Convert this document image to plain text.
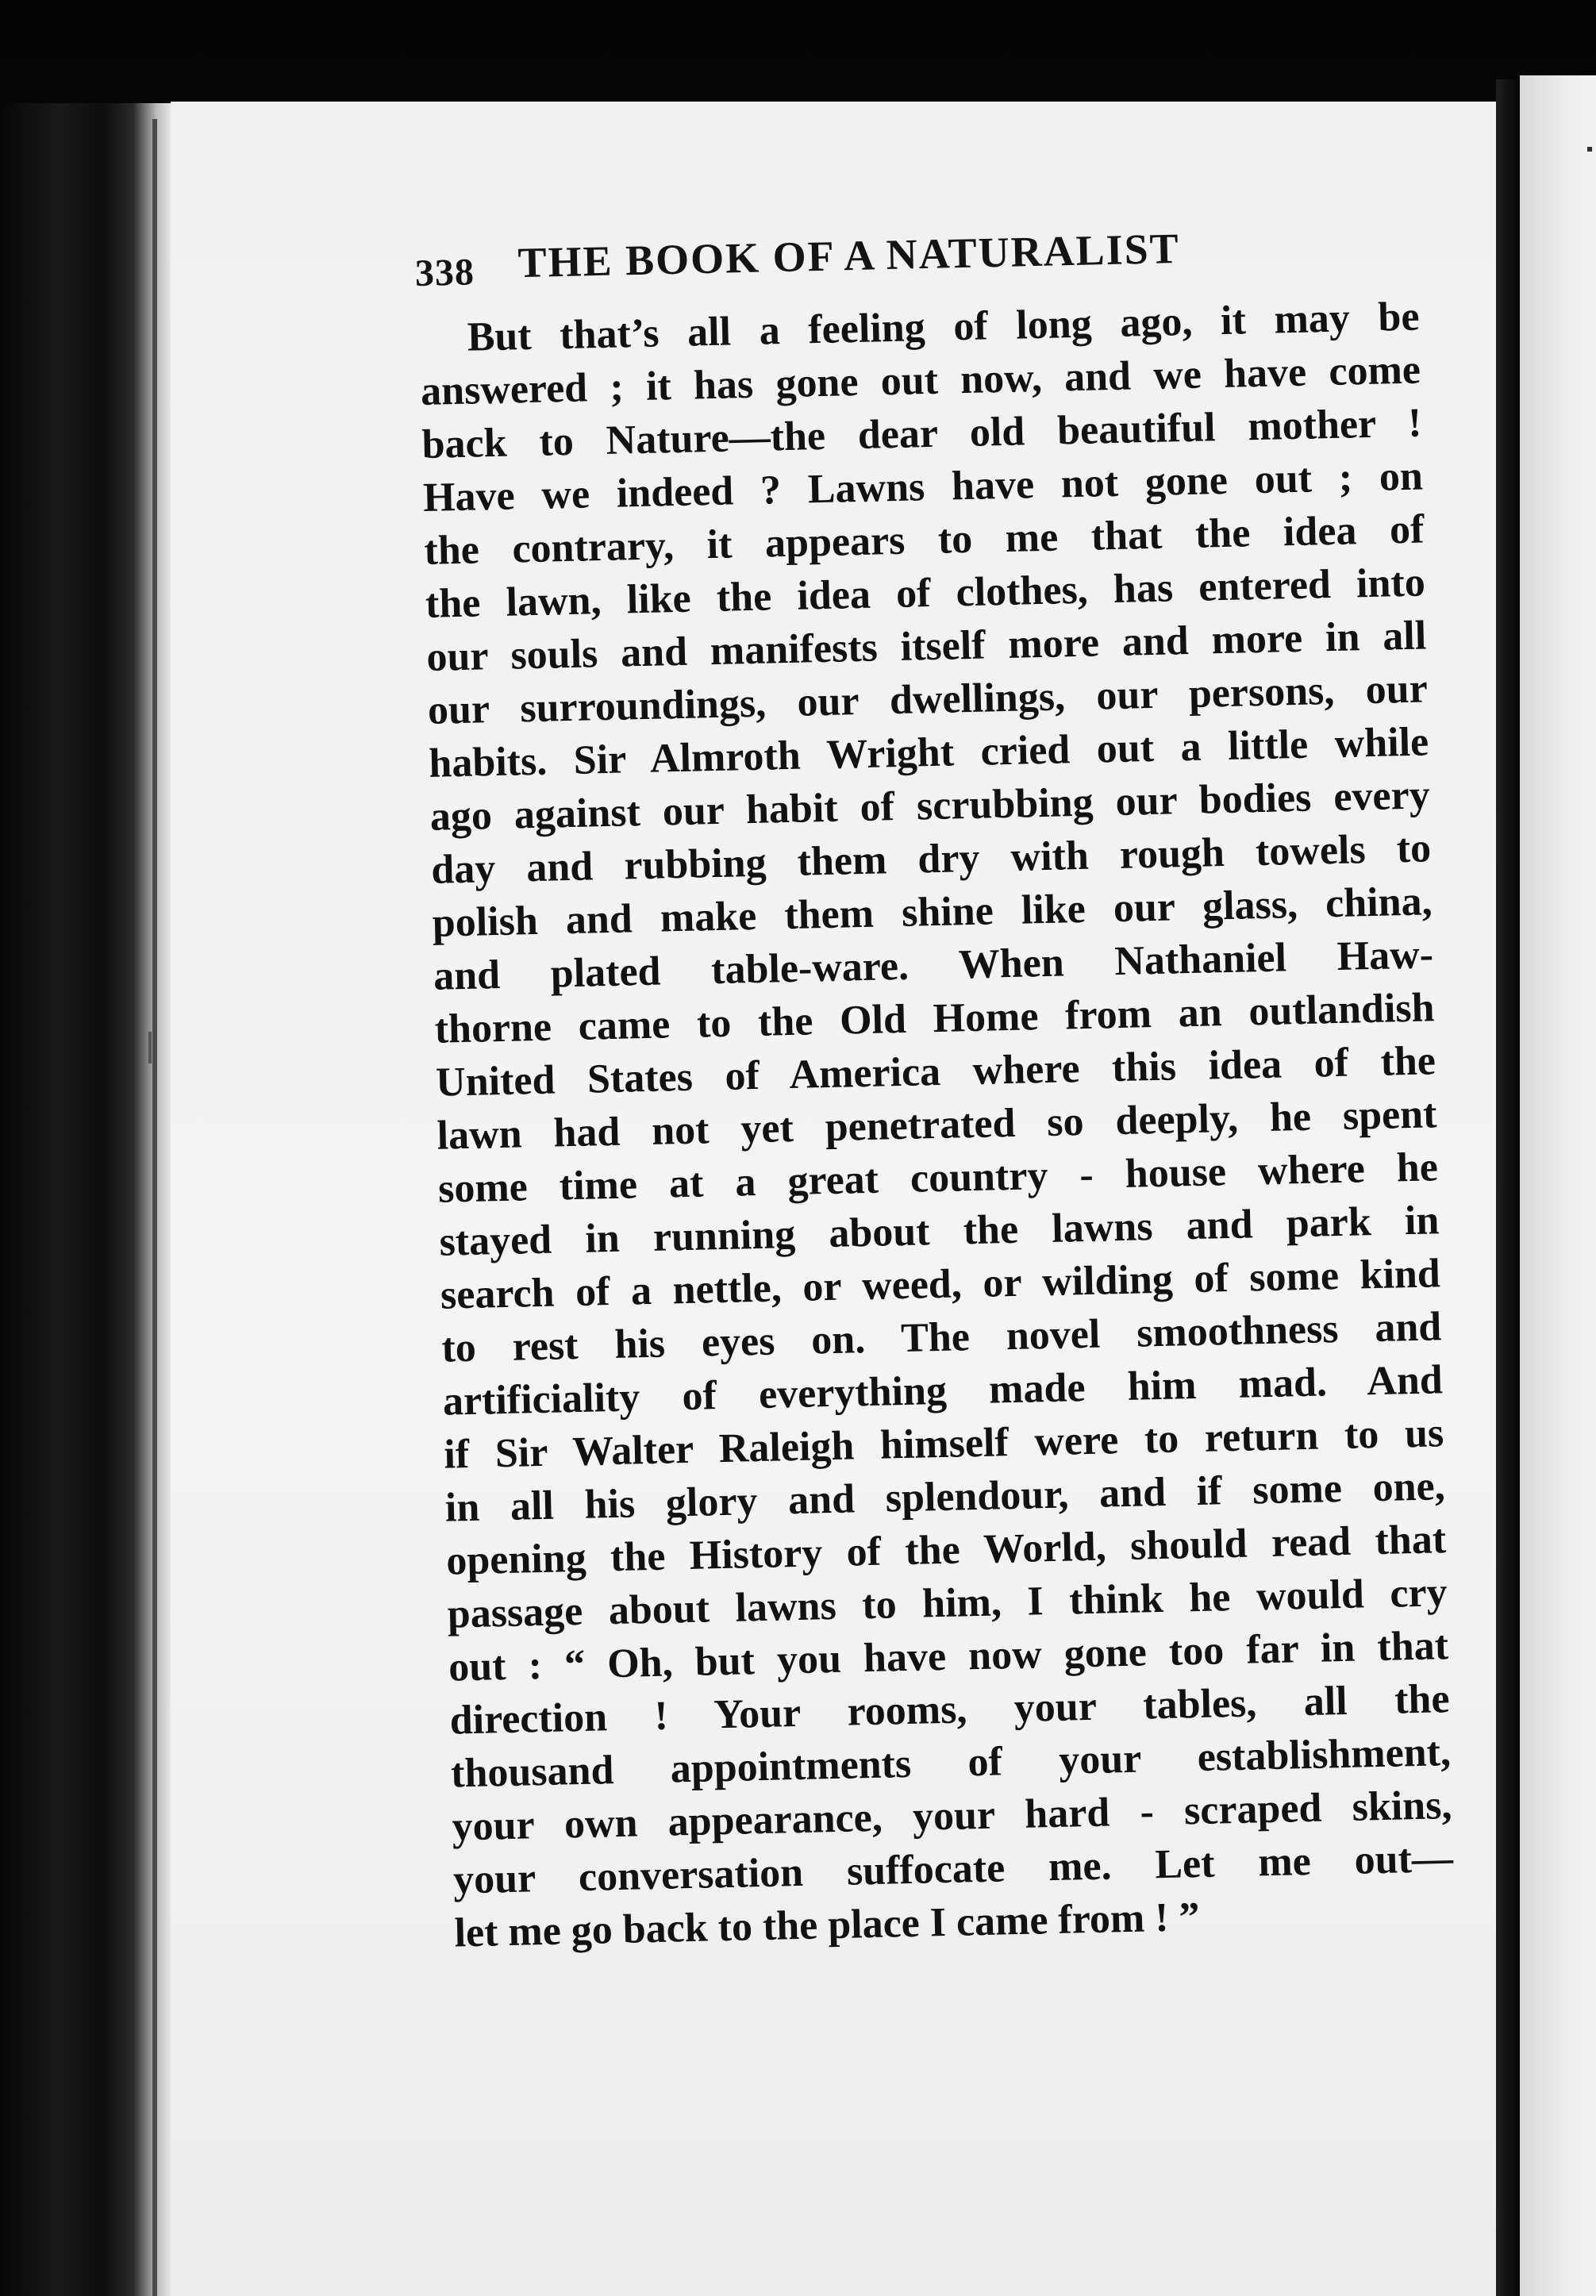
338 THE BOOK OF A NATURALIST
But that’s all a feeling of long ago, it may be
answered ; it has gone out now, and we have come
back to Nature—the dear old beautiful mother !
Have we indeed ? Lawns have not gone out ; on
the contrary, it appears to me that the idea of
the lawn, like the idea of clothes, has entered into
our souls and manifests itself more and more in all
our surroundings, our dwellings, our persons, our
habits. Sir Almroth Wright cried out a little while
ago against our habit of scrubbing our bodies every
day and rubbing them dry with rough towels to
polish and make them shine like our glass, china,
and plated table-ware. When Nathaniel Haw-
thorne came to the Old Home from an outlandish
United States of America where this idea of the
lawn had not yet penetrated so deeply, he spent
some time at a great country - house where he
stayed in running about the lawns and park in
search of a nettle, or weed, or wilding of some kind
to rest his eyes on. The novel smoothness and
artificiality of everything made him mad. And
if Sir Walter Raleigh himself were to return to us
in all his glory and splendour, and if some one,
opening the History of the World, should read that
passage about lawns to him, I think he would cry
out : “ Oh, but you have now gone too far in that
direction ! Your rooms, your tables, all the
thousand appointments of your establishment,
your own appearance, your hard - scraped skins,
your conversation suffocate me. Let me out—
let me go back to the place I came from ! ”
